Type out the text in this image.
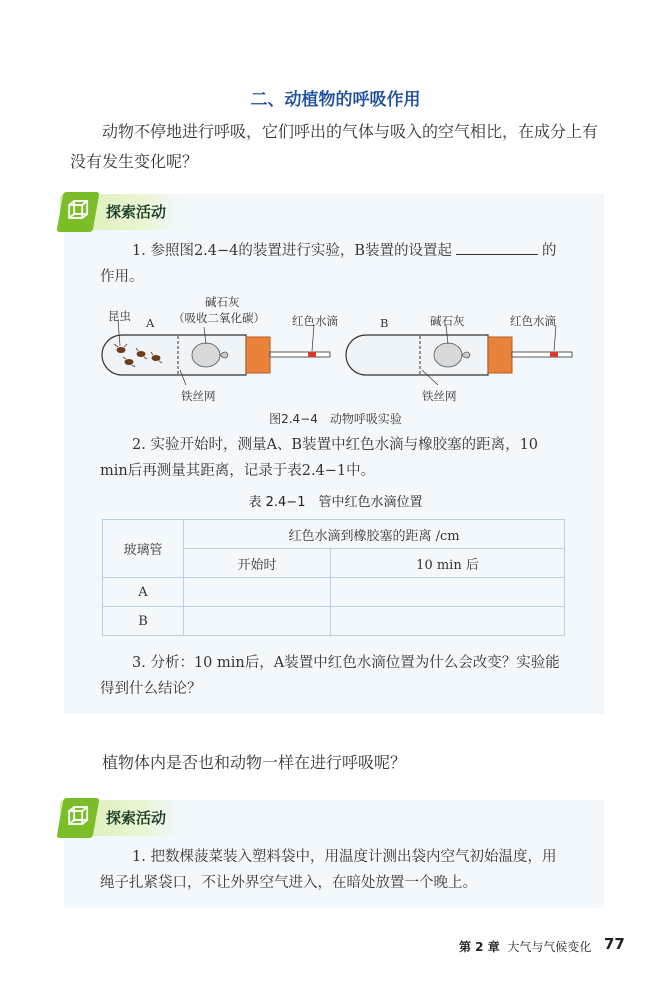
二、动植物的呼吸作用
动物不停地进行呼吸，它们呼出的气体与吸入的空气相比，在成分上有没有发生变化呢？
探索活动
1. 参照图2.4−4的装置进行实验，B装置的设置起	的作用。
昆虫 A
碱石灰
（吸收二氧化碳） 红色水滴
铁丝网
B	碱石灰	红色水滴
铁丝网
图2.4−4　动物呼吸实验
2. 实验开始时，测量A、B装置中红色水滴与橡胶塞的距离，10 min后再测量其距离，记录于表2.4−1中。
表 2.4−1　管中红色水滴位置
玻璃管	红色水滴到橡胶塞的距离 /cm	
	开始时	10 min 后
A		
B		
3. 分析：10 min后，A装置中红色水滴位置为什么会改变？实验能得到什么结论？
植物体内是否也和动物一样在进行呼吸呢？
探索活动
1. 把数棵菠菜装入塑料袋中，用温度计测出袋内空气初始温度，用绳子扎紧袋口，不让外界空气进入，在暗处放置一个晚上。
第 2 章 大气与气候变化 77
